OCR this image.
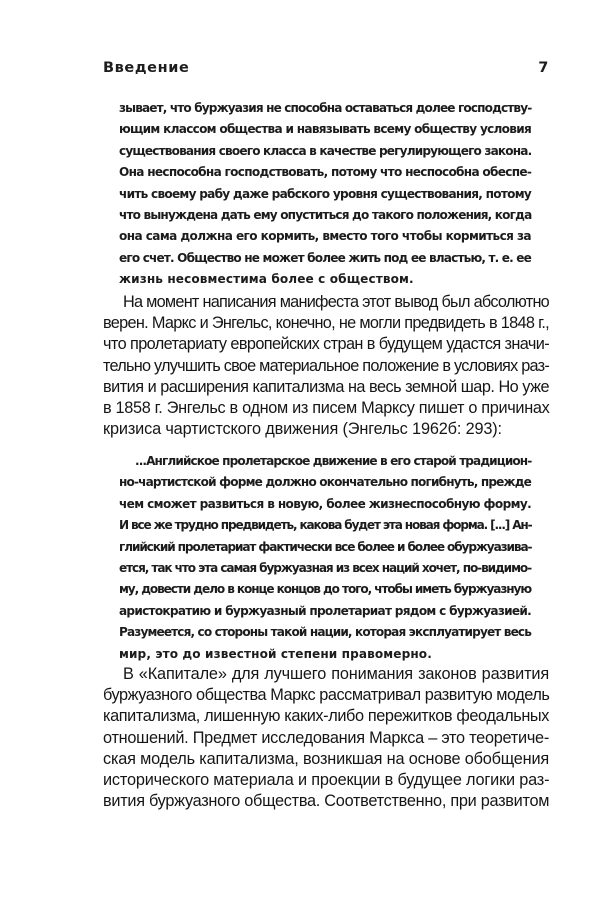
Введение	7
зывает, что буржуазия не способна оставаться долее господству-
ющим классом общества и навязывать всему обществу условия
существования своего класса в качестве регулирующего закона.
Она неспособна господствовать, потому что неспособна обеспе-
чить своему рабу даже рабского уровня существования, потому
что вынуждена дать ему опуститься до такого положения, когда
она сама должна его кормить, вместо того чтобы кормиться за
его счет. Общество не может более жить под ее властью, т. е. ее
жизнь несовместима более с обществом.

На момент написания манифеста этот вывод был абсолютно
верен. Маркс и Энгельс, конечно, не могли предвидеть в 1848 г.,
что пролетариату европейских стран в будущем удастся значи-
тельно улучшить свое материальное положение в условиях раз-
вития и расширения капитализма на весь земной шар. Но уже
в 1858 г. Энгельс в одном из писем Марксу пишет о причинах
кризиса чартистского движения (Энгельс 1962б: 293):

...Английское пролетарское движение в его старой традицион-
но-чартистской форме должно окончательно погибнуть, прежде
чем сможет развиться в новую, более жизнеспособную форму.
И все же трудно предвидеть, какова будет эта новая форма. [...] Ан-
глийский пролетариат фактически все более и более обуржуазива-
ется, так что эта самая буржуазная из всех наций хочет, по-видимо-
му, довести дело в конце концов до того, чтобы иметь буржуазную
аристократию и буржуазный пролетариат рядом с буржуазией.
Разумеется, со стороны такой нации, которая эксплуатирует весь
мир, это до известной степени правомерно.

В «Капитале» для лучшего понимания законов развития
буржуазного общества Маркс рассматривал развитую модель
капитализма, лишенную каких-либо пережитков феодальных
отношений. Предмет исследования Маркса – это теоретиче-
ская модель капитализма, возникшая на основе обобщения
исторического материала и проекции в будущее логики раз-
вития буржуазного общества. Соответственно, при развитом
